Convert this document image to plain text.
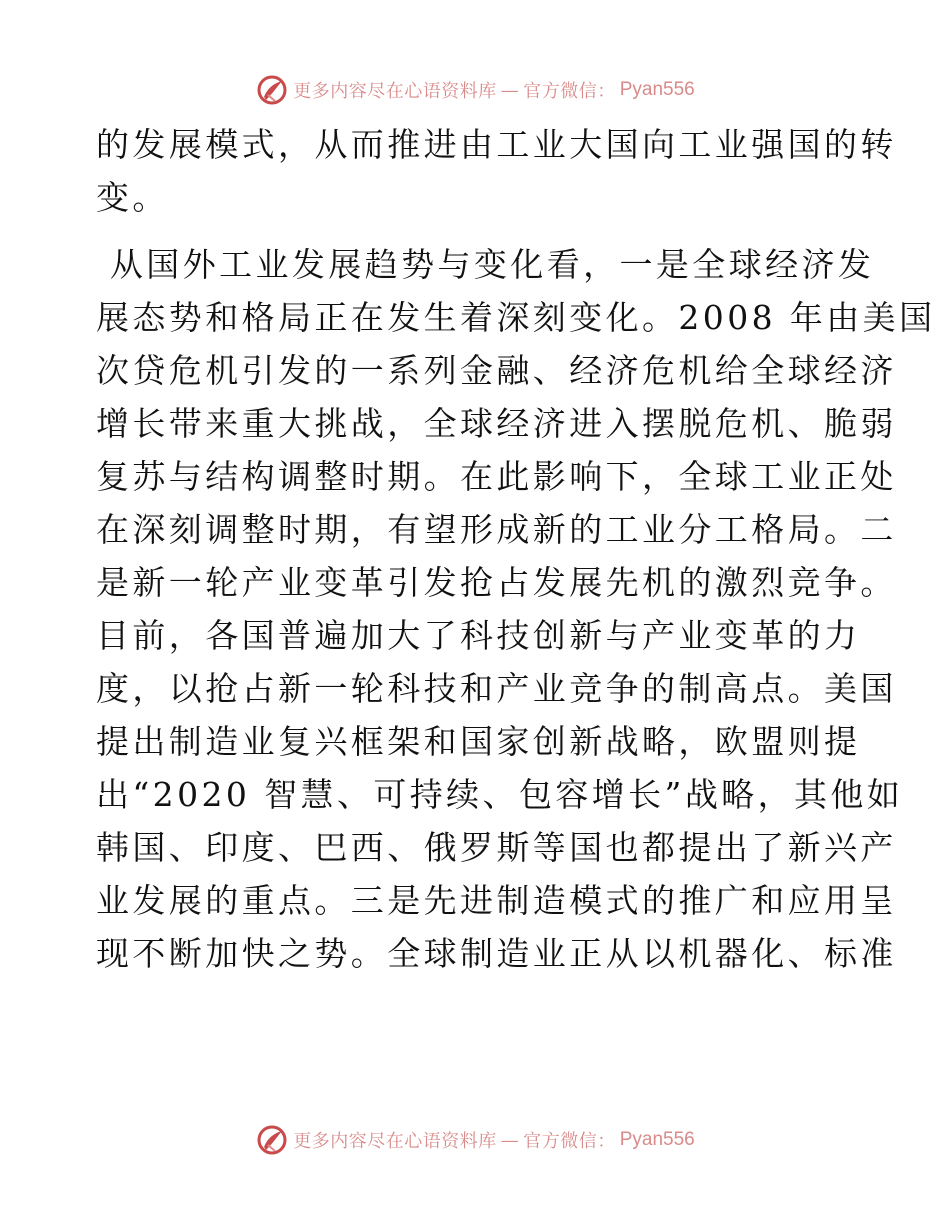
更多内容尽在心语资料库 — 官方微信： Pyan556
的发展模式，从而推进由工业大国向工业强国的转
变。
从国外工业发展趋势与变化看，一是全球经济发
展态势和格局正在发生着深刻变化。2008 年由美国
次贷危机引发的一系列金融、经济危机给全球经济
增长带来重大挑战，全球经济进入摆脱危机、脆弱
复苏与结构调整时期。在此影响下，全球工业正处
在深刻调整时期，有望形成新的工业分工格局。二
是新一轮产业变革引发抢占发展先机的激烈竞争。
目前，各国普遍加大了科技创新与产业变革的力
度，以抢占新一轮科技和产业竞争的制高点。美国
提出制造业复兴框架和国家创新战略，欧盟则提
出“2020 智慧、可持续、包容增长”战略，其他如
韩国、印度、巴西、俄罗斯等国也都提出了新兴产
业发展的重点。三是先进制造模式的推广和应用呈
现不断加快之势。全球制造业正从以机器化、标准
更多内容尽在心语资料库 — 官方微信： Pyan556
